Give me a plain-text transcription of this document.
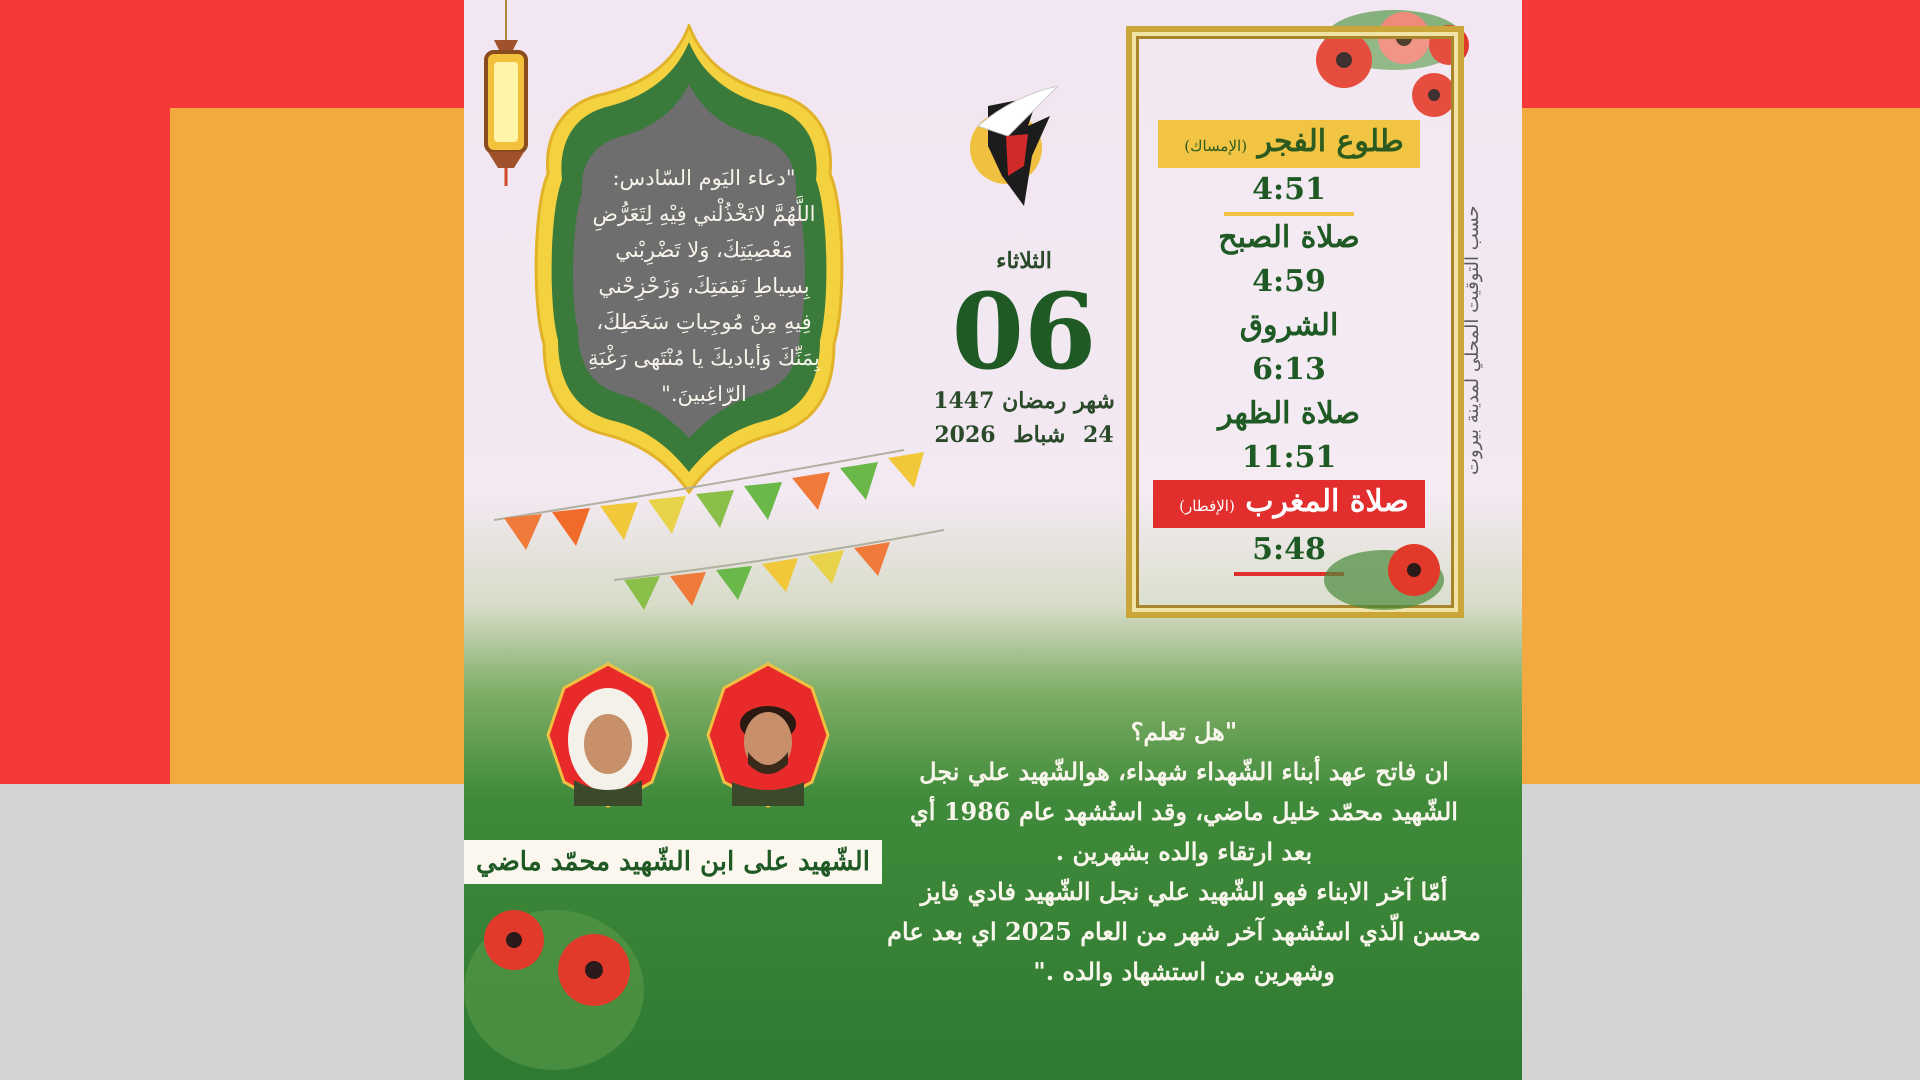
"دعاء اليَوم السّادس:
اللَّهُمَّ لاتَخْذُلْني فِيْهِ لِتَعَرُّضِ
مَعْصِيَتِكَ، وَلا تَضْرِبْني
بِسِياطِ نَقِمَتِكَ، وَزَحْزِحْني
فِيهِ مِنْ مُوجِباتِ سَخَطِكَ،
بِمَنِّكَ وَأياديكَ يا مُنْتَهى رَغْبَةِ
الرّاغِبينَ."
الثلاثاء
06
شهر رمضان 1447
24 شباط 2026
طلوع الفجر (الإمساك)
4:51
صلاة الصبح
4:59
الشروق
6:13
صلاة الظهر
11:51
صلاة المغرب (الإفطار)
5:48
حسب التوقيت المحلي لمدينة بيروت
الشّهيد على ابن الشّهيد محمّد ماضي
"هل تعلم؟
ان فاتح عهد أبناء الشّهداء شهداء، هوالشّهيد علي نجل
الشّهيد محمّد خليل ماضي، وقد استُشهد عام 1986 أي
بعد ارتقاء والده بشهرين .
أمّا آخر الابناء فهو الشّهيد علي نجل الشّهيد فادي فايز
محسن الّذي استُشهد آخر شهر من العام 2025 اي بعد عام
وشهرين من استشهاد والده ."
